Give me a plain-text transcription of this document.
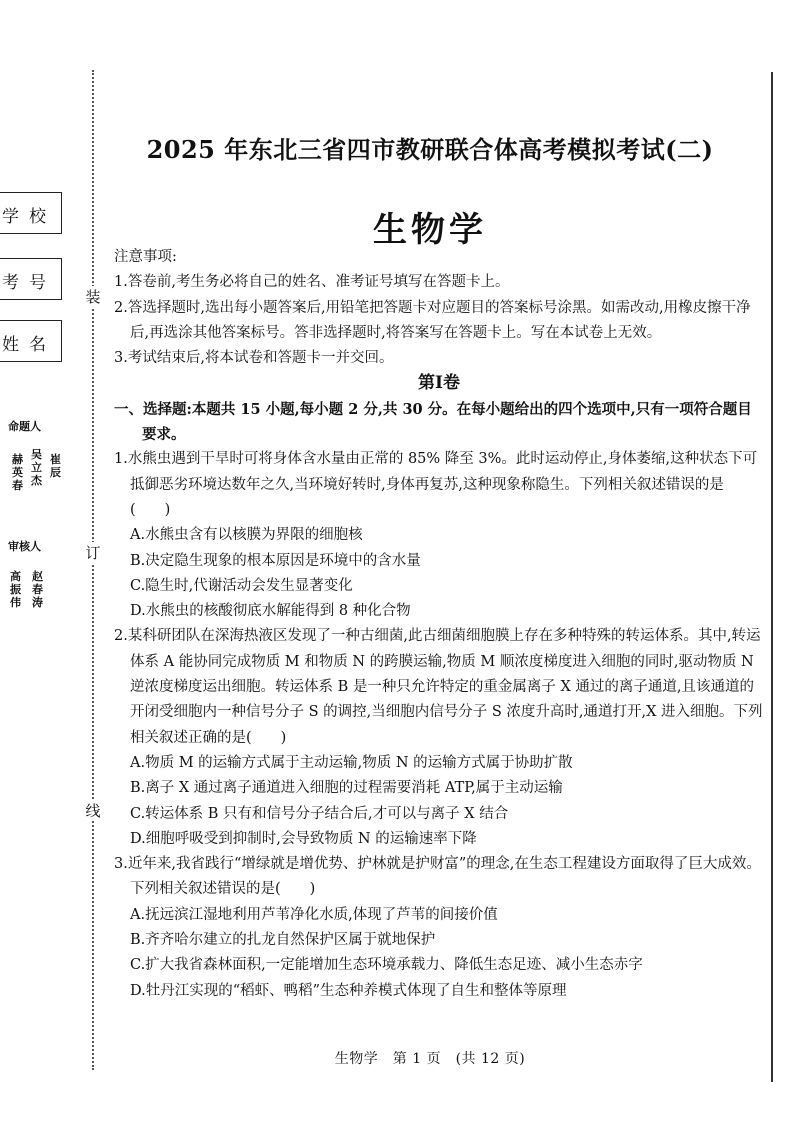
装
订
线
学校
考号
姓名
命题人
赫英春
吴立杰
崔辰
审核人
高振伟
赵春涛
2025 年东北三省四市教研联合体高考模拟考试(二)
生物学

注意事项:

1.答卷前,考生务必将自己的姓名、准考证号填写在答题卡上。

2.答选择题时,选出每小题答案后,用铅笔把答题卡对应题目的答案标号涂黑。如需改动,用橡皮擦干净后,再选涂其他答案标号。答非选择题时,将答案写在答题卡上。写在本试卷上无效。

3.考试结束后,将本试卷和答题卡一并交回。

第Ⅰ卷

一、选择题:本题共 15 小题,每小题 2 分,共 30 分。在每小题给出的四个选项中,只有一项符合题目要求。

1.水熊虫遇到干旱时可将身体含水量由正常的 85% 降至 3%。此时运动停止,身体萎缩,这种状态下可抵御恶劣环境达数年之久,当环境好转时,身体再复苏,这种现象称隐生。下列相关叙述错误的是(　　)

A.水熊虫含有以核膜为界限的细胞核

B.决定隐生现象的根本原因是环境中的含水量

C.隐生时,代谢活动会发生显著变化

D.水熊虫的核酸彻底水解能得到 8 种化合物

2.某科研团队在深海热液区发现了一种古细菌,此古细菌细胞膜上存在多种特殊的转运体系。其中,转运体系 A 能协同完成物质 M 和物质 N 的跨膜运输,物质 M 顺浓度梯度进入细胞的同时,驱动物质 N 逆浓度梯度运出细胞。转运体系 B 是一种只允许特定的重金属离子 X 通过的离子通道,且该通道的开闭受细胞内一种信号分子 S 的调控,当细胞内信号分子 S 浓度升高时,通道打开,X 进入细胞。下列相关叙述正确的是(　　)

A.物质 M 的运输方式属于主动运输,物质 N 的运输方式属于协助扩散

B.离子 X 通过离子通道进入细胞的过程需要消耗 ATP,属于主动运输

C.转运体系 B 只有和信号分子结合后,才可以与离子 X 结合

D.细胞呼吸受到抑制时,会导致物质 N 的运输速率下降

3.近年来,我省践行“增绿就是增优势、护林就是护财富”的理念,在生态工程建设方面取得了巨大成效。下列相关叙述错误的是(　　)

A.抚远滨江湿地利用芦苇净化水质,体现了芦苇的间接价值

B.齐齐哈尔建立的扎龙自然保护区属于就地保护

C.扩大我省森林面积,一定能增加生态环境承载力、降低生态足迹、减小生态赤字

D.牡丹江实现的“稻虾、鸭稻”生态种养模式体现了自生和整体等原理

生物学　第 1 页　(共 12 页)
